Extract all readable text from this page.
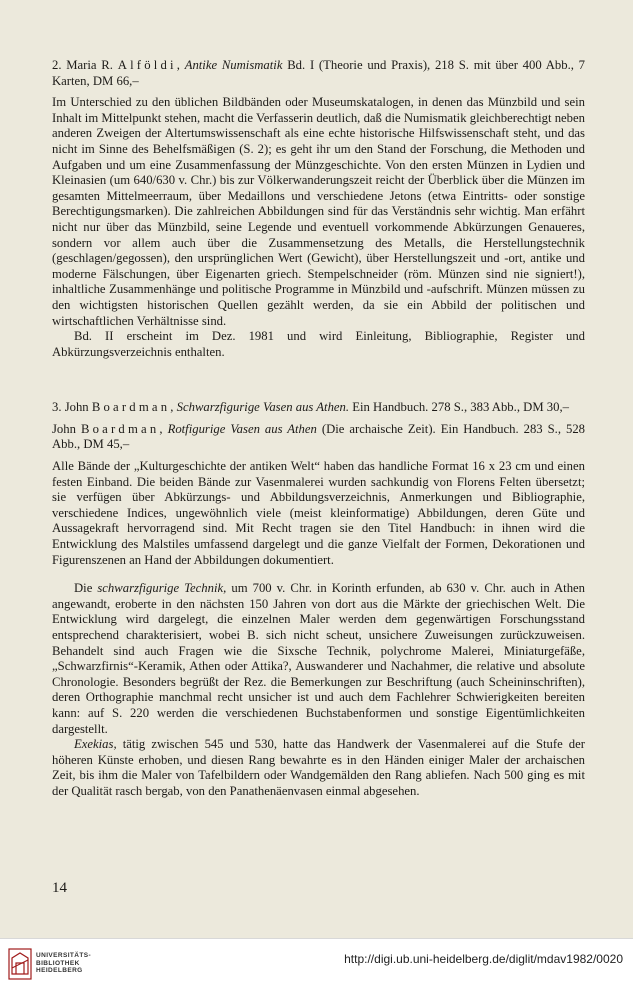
2. Maria R. Alföldi, Antike Numismatik Bd. I (Theorie und Praxis), 218 S. mit über 400 Abb., 7 Karten, DM 66,–

Im Unterschied zu den üblichen Bildbänden oder Museumskatalogen, in denen das Münzbild und sein Inhalt im Mittelpunkt stehen, macht die Verfasserin deutlich, daß die Numismatik gleichberechtigt neben anderen Zweigen der Altertumswissenschaft als eine echte historische Hilfswissenschaft steht, und das nicht im Sinne des Behelfsmäßigen (S. 2); es geht ihr um den Stand der Forschung, die Methoden und Aufgaben und um eine Zusammenfassung der Münzgeschichte. Von den ersten Münzen in Lydien und Kleinasien (um 640/630 v. Chr.) bis zur Völkerwanderungszeit reicht der Überblick über die Münzen im gesamten Mittelmeerraum, über Medaillons und verschiedene Jetons (etwa Eintritts- oder sonstige Berechtigungsmarken). Die zahlreichen Abbildungen sind für das Verständnis sehr wichtig. Man erfährt nicht nur über das Münzbild, seine Legende und eventuell vorkommende Abkürzungen Genaueres, sondern vor allem auch über die Zusammensetzung des Metalls, die Herstellungstechnik (geschlagen/gegossen), den ursprünglichen Wert (Gewicht), über Herstellungszeit und -ort, antike und moderne Fälschungen, über Eigenarten griech. Stempelschneider (röm. Münzen sind nie signiert!), inhaltliche Zusammenhänge und politische Programme in Münzbild und -aufschrift. Münzen müssen zu den wichtigsten historischen Quellen gezählt werden, da sie ein Abbild der politischen und wirtschaftlichen Verhältnisse sind.

Bd. II erscheint im Dez. 1981 und wird Einleitung, Bibliographie, Register und Abkürzungsverzeichnis enthalten.

3. John Boardman, Schwarzfigurige Vasen aus Athen. Ein Handbuch. 278 S., 383 Abb., DM 30,–

John Boardman, Rotfigurige Vasen aus Athen (Die archaische Zeit). Ein Handbuch. 283 S., 528 Abb., DM 45,–

Alle Bände der „Kulturgeschichte der antiken Welt“ haben das handliche Format 16 x 23 cm und einen festen Einband. Die beiden Bände zur Vasenmalerei wurden sachkundig von Florens Felten übersetzt; sie verfügen über Abkürzungs- und Abbildungsverzeichnis, Anmerkungen und Bibliographie, verschiedene Indices, ungewöhnlich viele (meist kleinformatige) Abbildungen, deren Güte und Aussagekraft hervorragend sind. Mit Recht tragen sie den Titel Handbuch: in ihnen wird die Entwicklung des Malstiles umfassend dargelegt und die ganze Vielfalt der Formen, Dekorationen und Figurenszenen an Hand der Abbildungen dokumentiert.

Die schwarzfigurige Technik, um 700 v. Chr. in Korinth erfunden, ab 630 v. Chr. auch in Athen angewandt, eroberte in den nächsten 150 Jahren von dort aus die Märkte der griechischen Welt. Die Entwicklung wird dargelegt, die einzelnen Maler werden dem gegenwärtigen Forschungsstand entsprechend charakterisiert, wobei B. sich nicht scheut, unsichere Zuweisungen zurückzuweisen. Behandelt sind auch Fragen wie die Sixsche Technik, polychrome Malerei, Miniaturgefäße, „Schwarzfirnis“-Keramik, Athen oder Attika?, Auswanderer und Nachahmer, die relative und absolute Chronologie. Besonders begrüßt der Rez. die Bemerkungen zur Beschriftung (auch Scheininschriften), deren Orthographie manchmal recht unsicher ist und auch dem Fachlehrer Schwierigkeiten bereiten kann: auf S. 220 werden die verschiedenen Buchstabenformen und sonstige Eigentümlichkeiten dargestellt.

Exekias, tätig zwischen 545 und 530, hatte das Handwerk der Vasenmalerei auf die Stufe der höheren Künste erhoben, und diesen Rang bewahrte es in den Händen einiger Maler der archaischen Zeit, bis ihm die Maler von Tafelbildern oder Wandgemälden den Rang abliefen. Nach 500 ging es mit der Qualität rasch bergab, von den Panathenäenvasen einmal abgesehen.

14
UNIVERSITÄTS-
BIBLIOTHEK
HEIDELBERG
http://digi.ub.uni-heidelberg.de/diglit/mdav1982/0020
